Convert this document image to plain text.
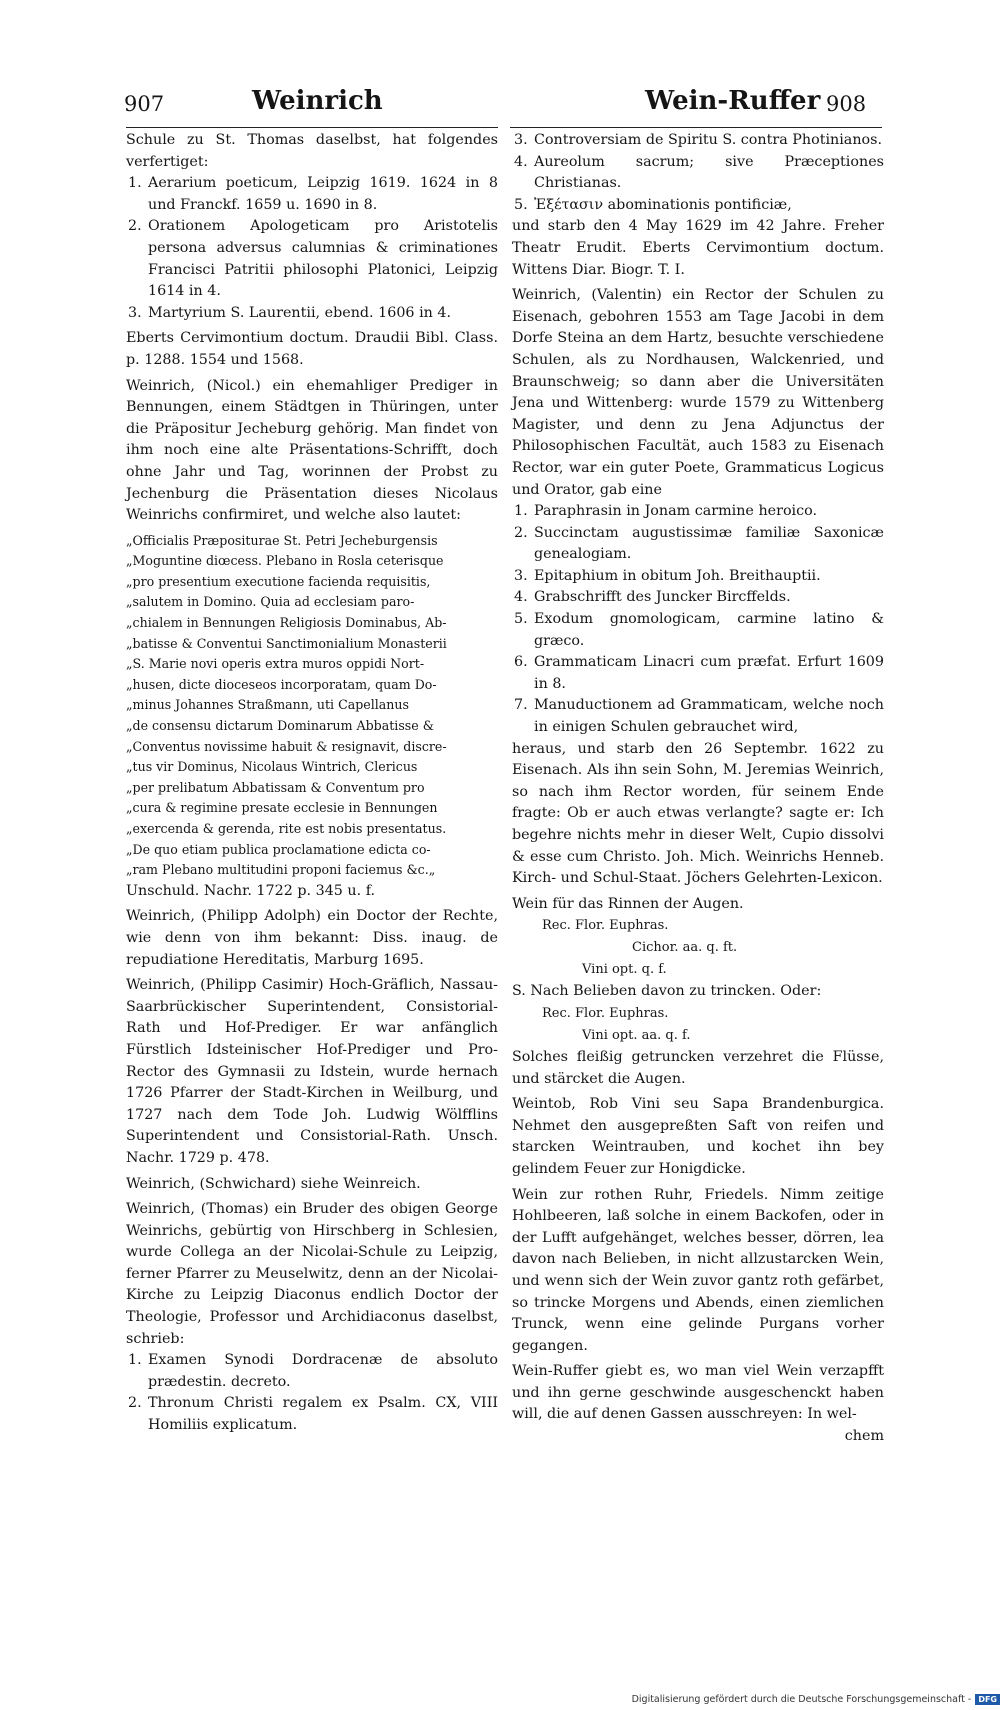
907	Weinrich	Wein-Ruffer 908

Schule zu St. Thomas daselbst, hat folgendes verfertiget:

1. Aerarium poeticum, Leipzig 1619. 1624 in 8 und Franckf. 1659 u. 1690 in 8.

2. Orationem Apologeticam pro Aristotelis persona adversus calumnias & criminationes Francisci Patritii philosophi Platonici, Leipzig 1614 in 4.

3. Martyrium S. Laurentii, ebend. 1606 in 4.

Eberts Cervimontium doctum. Draudii Bibl. Class. p. 1288. 1554 und 1568.

Weinrich, (Nicol.) ein ehemahliger Prediger in Bennungen, einem Städtgen in Thüringen, unter die Präpositur Jecheburg gehörig. Man findet von ihm noch eine alte Präsentations-Schrifft, doch ohne Jahr und Tag, worinnen der Probst zu Jechenburg die Präsentation dieses Nicolaus Weinrichs confirmiret, und welche also lautet:

„Officialis Præpositurae St. Petri Jecheburgensis

„Moguntine diœcess. Plebano in Rosla ceterisque

„pro presentium executione facienda requisitis,

„salutem in Domino. Quia ad ecclesiam paro-

„chialem in Bennungen Religiosis Dominabus, Ab-

„batisse & Conventui Sanctimonialium Monasterii

„S. Marie novi operis extra muros oppidi Nort-

„husen, dicte dioceseos incorporatam, quam Do-

„minus Johannes Straßmann, uti Capellanus

„de consensu dictarum Dominarum Abbatisse &

„Conventus novissime habuit & resignavit, discre-

„tus vir Dominus, Nicolaus Wintrich, Clericus

„per prelibatum Abbatissam & Conventum pro

„cura & regimine presate ecclesie in Bennungen

„exercenda & gerenda, rite est nobis presentatus.

„De quo etiam publica proclamatione edicta co-

„ram Plebano multitudini proponi faciemus &c.„

Unschuld. Nachr. 1722 p. 345 u. f.

Weinrich, (Philipp Adolph) ein Doctor der Rechte, wie denn von ihm bekannt: Diss. inaug. de repudiatione Hereditatis, Marburg 1695.

Weinrich, (Philipp Casimir) Hoch-Gräflich, Nassau-Saarbrückischer Superintendent, Consistorial-Rath und Hof-Prediger. Er war anfänglich Fürstlich Idsteinischer Hof-Prediger und Pro-Rector des Gymnasii zu Idstein, wurde hernach 1726 Pfarrer der Stadt-Kirchen in Weilburg, und 1727 nach dem Tode Joh. Ludwig Wölfflins Superintendent und Consistorial-Rath. Unsch. Nachr. 1729 p. 478.

Weinrich, (Schwichard) siehe Weinreich.

Weinrich, (Thomas) ein Bruder des obigen George Weinrichs, gebürtig von Hirschberg in Schlesien, wurde Collega an der Nicolai-Schule zu Leipzig, ferner Pfarrer zu Meuselwitz, denn an der Nicolai-Kirche zu Leipzig Diaconus endlich Doctor der Theologie, Professor und Archidiaconus daselbst, schrieb:

1. Examen Synodi Dordracenæ de absoluto prædestin. decreto.

2. Thronum Christi regalem ex Psalm. CX, VIII Homiliis explicatum.

3. Controversiam de Spiritu S. contra Photinianos.

4. Aureolum sacrum; sive Præceptiones Christianas.

5. Ἐξέτασιν abominationis pontificiæ,

und starb den 4 May 1629 im 42 Jahre. Freher Theatr Erudit. Eberts Cervimontium doctum. Wittens Diar. Biogr. T. I.

Weinrich, (Valentin) ein Rector der Schulen zu Eisenach, gebohren 1553 am Tage Jacobi in dem Dorfe Steina an dem Hartz, besuchte verschiedene Schulen, als zu Nordhausen, Walckenried, und Braunschweig; so dann aber die Universitäten Jena und Wittenberg: wurde 1579 zu Wittenberg Magister, und denn zu Jena Adjunctus der Philosophischen Facultät, auch 1583 zu Eisenach Rector, war ein guter Poete, Grammaticus Logicus und Orator, gab eine

1. Paraphrasin in Jonam carmine heroico.

2. Succinctam augustissimæ familiæ Saxonicæ genealogiam.

3. Epitaphium in obitum Joh. Breithauptii.

4. Grabschrifft des Juncker Bircffelds.

5. Exodum gnomologicam, carmine latino & græco.

6. Grammaticam Linacri cum præfat. Erfurt 1609 in 8.

7. Manuductionem ad Grammaticam, welche noch in einigen Schulen gebrauchet wird,

heraus, und starb den 26 Septembr. 1622 zu Eisenach. Als ihn sein Sohn, M. Jeremias Weinrich, so nach ihm Rector worden, für seinem Ende fragte: Ob er auch etwas verlangte? sagte er: Ich begehre nichts mehr in dieser Welt, Cupio dissolvi & esse cum Christo. Joh. Mich. Weinrichs Henneb. Kirch- und Schul-Staat. Jöchers Gelehrten-Lexicon.

Wein für das Rinnen der Augen.

Rec. Flor. Euphras.

Cichor. aa. q. ft.

Vini opt. q. f.

S. Nach Belieben davon zu trincken. Oder:

Rec. Flor. Euphras.

Vini opt. aa. q. f.

Solches fleißig getruncken verzehret die Flüsse, und stärcket die Augen.

Weintob, Rob Vini seu Sapa Brandenburgica. Nehmet den ausgepreßten Saft von reifen und starcken Weintrauben, und kochet ihn bey gelindem Feuer zur Honigdicke.

Wein zur rothen Ruhr, Friedels. Nimm zeitige Hohlbeeren, laß solche in einem Backofen, oder in der Lufft aufgehänget, welches besser, dörren, lea davon nach Belieben, in nicht allzustarcken Wein, und wenn sich der Wein zuvor gantz roth gefärbet, so trincke Morgens und Abends, einen ziemlichen Trunck, wenn eine gelinde Purgans vorher gegangen.

Wein-Ruffer giebt es, wo man viel Wein verzapfft und ihn gerne geschwinde ausgeschenckt haben will, die auf denen Gassen ausschreyen: In wel-

chem

Digitalisierung gefördert durch die Deutsche Forschungsgemeinschaft - DFG
